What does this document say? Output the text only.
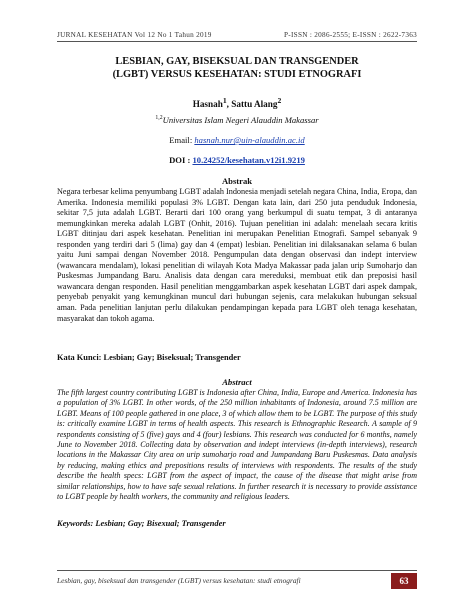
JURNAL KESEHATAN Vol 12 No 1 Tahun 2019	P-ISSN : 2086-2555; E-ISSN : 2622-7363
LESBIAN, GAY, BISEKSUAL DAN TRANSGENDER
(LGBT) VERSUS KESEHATAN: STUDI ETNOGRAFI
Hasnah$^1$, Sattu Alang$^2$
$^{1,2}$Universitas Islam Negeri Alauddin Makassar
Email: hasnah.nur@uin-alauddin.ac.id
DOI : 10.24252/kesehatan.v12i1.9219
Abstrak
Negara terbesar kelima penyumbang LGBT adalah Indonesia menjadi setelah negara China, India, Eropa, dan Amerika. Indonesia memiliki populasi 3% LGBT. Dengan kata lain, dari 250 juta penduduk Indonesia, sekitar 7,5 juta adalah LGBT. Berarti dari 100 orang yang berkumpul di suatu tempat, 3 di antaranya memungkinkan mereka adalah LGBT (Onhit, 2016). Tujuan penelitian ini adalah: menelaah secara kritis LGBT ditinjau dari aspek kesehatan. Penelitian ini merupakan Penelitian Etnografi. Sampel sebanyak 9 responden yang terdiri dari 5 (lima) gay dan 4 (empat) lesbian. Penelitian ini dilaksanakan selama 6 bulan yaitu Juni sampai dengan November 2018. Pengumpulan data dengan observasi dan indept interview (wawancara mendalam), lokasi penelitian di wilayah Kota Madya Makassar pada jalan urip Sumoharjo dan Puskesmas Jumpandang Baru. Analisis data dengan cara mereduksi, membuat etik dan preposisi hasil wawancara dengan responden. Hasil penelitian menggambarkan aspek kesehatan LGBT dari aspek dampak, penyebab penyakit yang kemungkinan muncul dari hubungan sejenis, cara melakukan hubungan seksual aman. Pada penelitian lanjutan perlu dilakukan pendampingan kepada para LGBT oleh tenaga kesehatan, masyarakat dan tokoh agama.
Kata Kunci: Lesbian; Gay; Biseksual; Transgender
Abstract
The fifth largest country contributing LGBT is Indonesia after China, India, Europe and America. Indonesia has a population of 3% LGBT. In other words, of the 250 million inhabitants of Indonesia, around 7.5 million are LGBT. Means of 100 people gathered in one place, 3 of which allow them to be LGBT. The purpose of this study is: critically examine LGBT in terms of health aspects. This research is Ethnographic Research. A sample of 9 respondents consisting of 5 (five) gays and 4 (four) lesbians. This research was conducted for 6 months, namely June to November 2018. Collecting data by observation and indept interviews (in-depth interviews), research locations in the Makassar City area on urip sumoharjo road and Jumpandang Baru Puskesmas. Data analysis by reducing, making ethics and prepositions results of interviews with respondents. The results of the study describe the health specs: LGBT from the aspect of impact, the cause of the disease that might arise from similar relationships, how to have safe sexual relations. In further research it is necessary to provide assistance to LGBT people by health workers, the community and religious leaders.
Keywords: Lesbian; Gay; Bisexual; Transgender
Lesbian, gay, biseksual dan transgender (LGBT) versus kesehatan: studi etnografi	63
